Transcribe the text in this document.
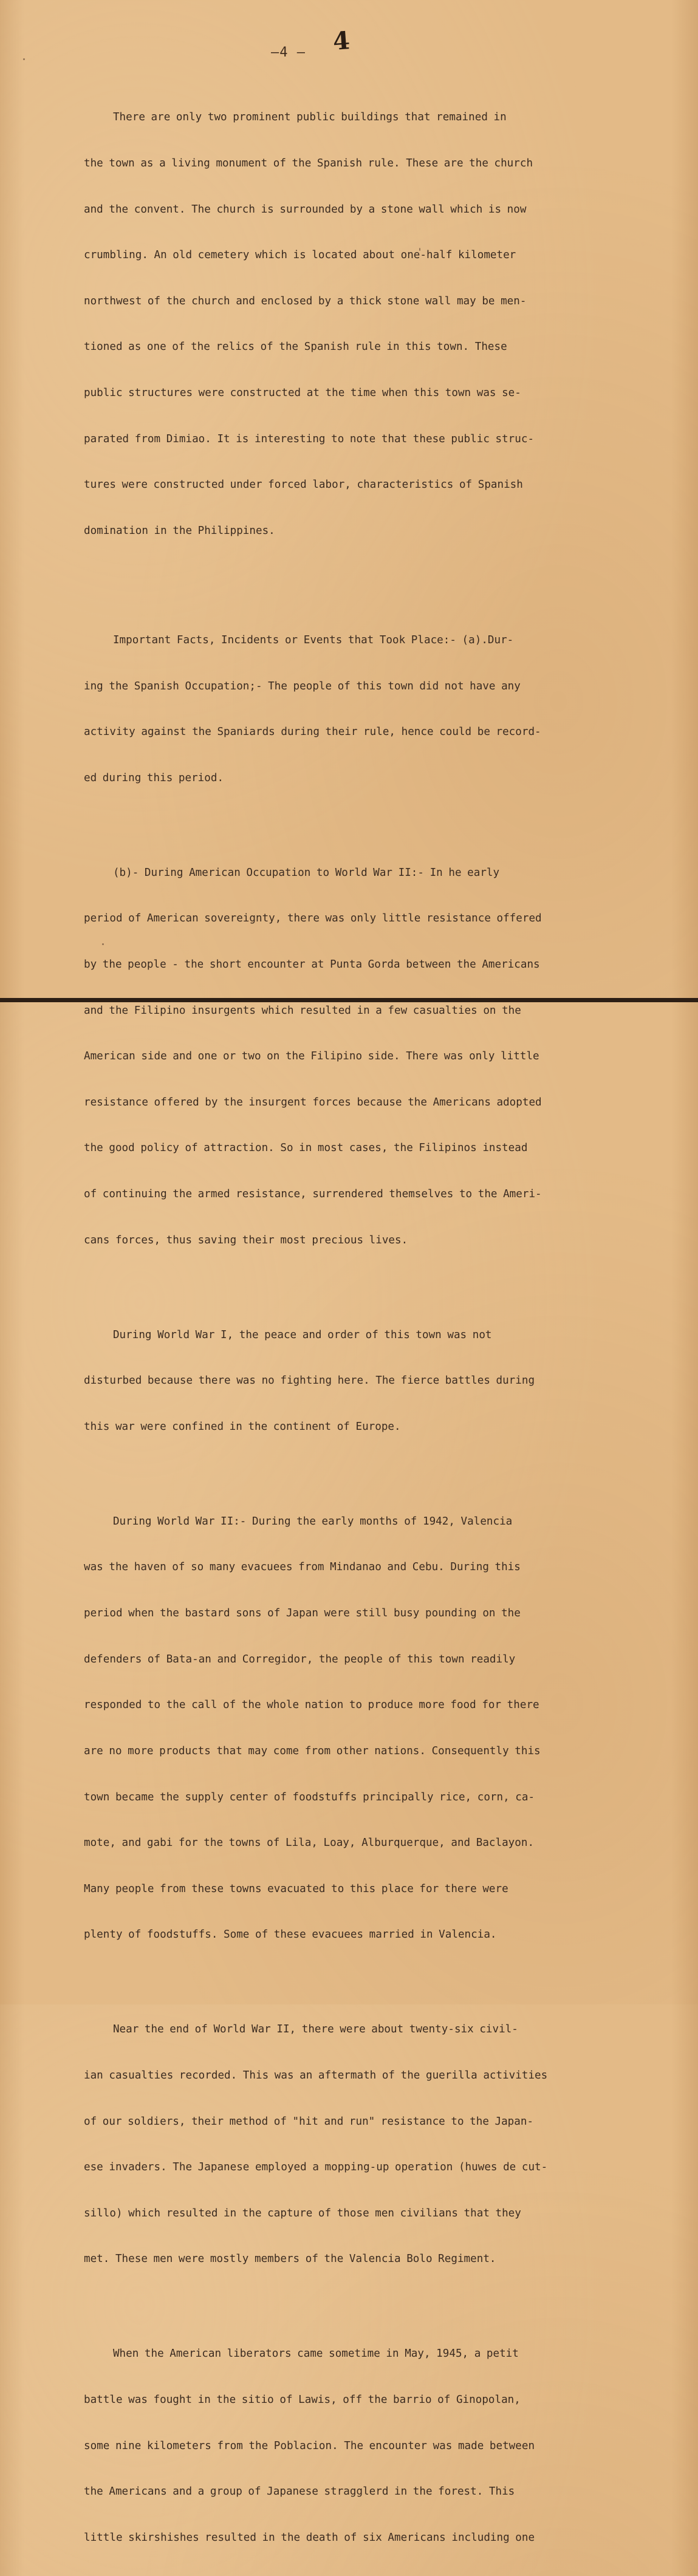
4
—4 —

There are only two prominent public buildings that remained in

the town as a living monument of the Spanish rule. These are the church

and the convent. The church is surrounded by a stone wall which is now

crumbling. An old cemetery which is located about one-half kilometer

northwest of the church and enclosed by a thick stone wall may be men-

tioned as one of the relics of the Spanish rule in this town. These

public structures were constructed at the time when this town was se-

parated from Dimiao. It is interesting to note that these public struc-

tures were constructed under forced labor, characteristics of Spanish

domination in the Philippines.

Important Facts, Incidents or Events that Took Place:- (a).Dur-

ing the Spanish Occupation;- The people of this town did not have any

activity against the Spaniards during their rule, hence could be record-

ed during this period.

(b)- During American Occupation to World War II:- In he early

period of American sovereignty, there was only little resistance offered

by the people - the short encounter at Punta Gorda between the Americans

and the Filipino insurgents which resulted in a few casualties on the

American side and one or two on the Filipino side. There was only little

resistance offered by the insurgent forces because the Americans adopted

the good policy of attraction. So in most cases, the Filipinos instead

of continuing the armed resistance, surrendered themselves to the Ameri-

cans forces, thus saving their most precious lives.

During World War I, the peace and order of this town was not

disturbed because there was no fighting here. The fierce battles during

this war were confined in the continent of Europe.

During World War II:- During the early months of 1942, Valencia

was the haven of so many evacuees from Mindanao and Cebu. During this

period when the bastard sons of Japan were still busy pounding on the

defenders of Bata-an and Corregidor, the people of this town readily

responded to the call of the whole nation to produce more food for there

are no more products that may come from other nations. Consequently this

town became the supply center of foodstuffs principally rice, corn, ca-

mote, and gabi for the towns of Lila, Loay, Alburquerque, and Baclayon.

Many people from these towns evacuated to this place for there were

plenty of foodstuffs. Some of these evacuees married in Valencia.

Near the end of World War II, there were about twenty-six civil-

ian casualties recorded. This was an aftermath of the guerilla activities

of our soldiers, their method of "hit and run" resistance to the Japan-

ese invaders. The Japanese employed a mopping-up operation (huwes de cut-

sillo) which resulted in the capture of those men civilians that they

met. These men were mostly members of the Valencia Bolo Regiment.

When the American liberators came sometime in May, 1945, a petit

battle was fought in the sitio of Lawis, off the barrio of Ginopolan,

some nine kilometers from the Poblacion. The encounter was made between

the Americans and a group of Japanese stragglerd in the forest. This

little skirshishes resulted in the death of six Americans including one
